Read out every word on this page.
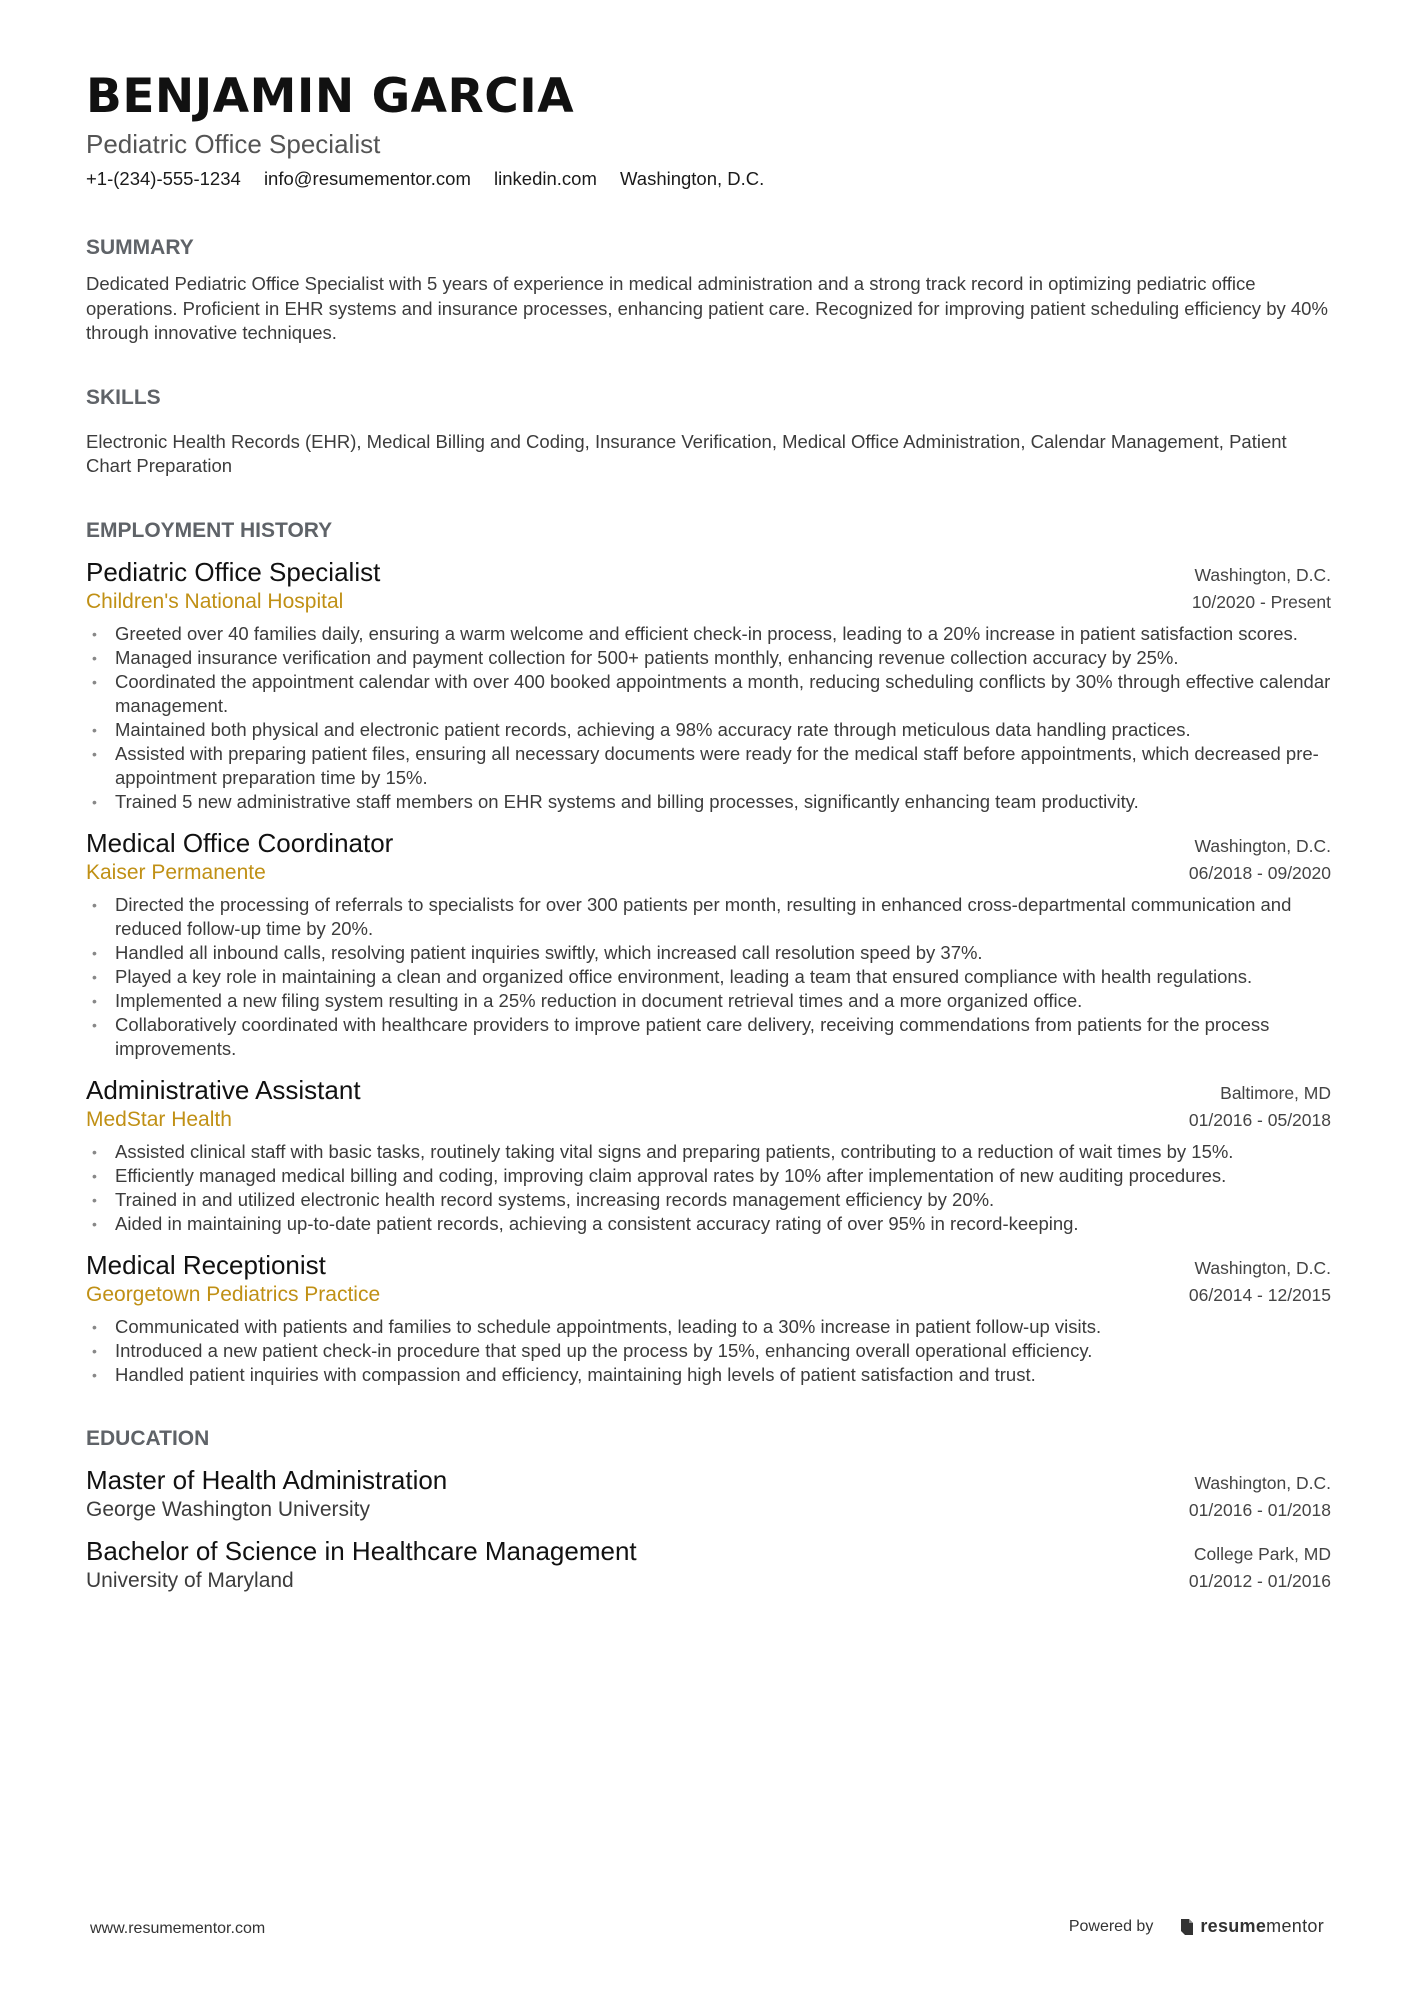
BENJAMIN GARCIA
Pediatric Office Specialist
+1-(234)-555-1234 info@resumementor.com linkedin.com Washington, D.C.
SUMMARY
Dedicated Pediatric Office Specialist with 5 years of experience in medical administration and a strong track record in optimizing pediatric office operations. Proficient in EHR systems and insurance processes, enhancing patient care. Recognized for improving patient scheduling efficiency by 40% through innovative techniques.
SKILLS
Electronic Health Records (EHR), Medical Billing and Coding, Insurance Verification, Medical Office Administration, Calendar Management, Patient Chart Preparation
EMPLOYMENT HISTORY
Pediatric Office Specialist	Washington, D.C.
Children's National Hospital	10/2020 - Present
• Greeted over 40 families daily, ensuring a warm welcome and efficient check-in process, leading to a 20% increase in patient satisfaction scores.
• Managed insurance verification and payment collection for 500+ patients monthly, enhancing revenue collection accuracy by 25%.
• Coordinated the appointment calendar with over 400 booked appointments a month, reducing scheduling conflicts by 30% through effective calendar management.
• Maintained both physical and electronic patient records, achieving a 98% accuracy rate through meticulous data handling practices.
• Assisted with preparing patient files, ensuring all necessary documents were ready for the medical staff before appointments, which decreased pre-appointment preparation time by 15%.
• Trained 5 new administrative staff members on EHR systems and billing processes, significantly enhancing team productivity.
Medical Office Coordinator	Washington, D.C.
Kaiser Permanente	06/2018 - 09/2020
• Directed the processing of referrals to specialists for over 300 patients per month, resulting in enhanced cross-departmental communication and reduced follow-up time by 20%.
• Handled all inbound calls, resolving patient inquiries swiftly, which increased call resolution speed by 37%.
• Played a key role in maintaining a clean and organized office environment, leading a team that ensured compliance with health regulations.
• Implemented a new filing system resulting in a 25% reduction in document retrieval times and a more organized office.
• Collaboratively coordinated with healthcare providers to improve patient care delivery, receiving commendations from patients for the process improvements.
Administrative Assistant	Baltimore, MD
MedStar Health	01/2016 - 05/2018
• Assisted clinical staff with basic tasks, routinely taking vital signs and preparing patients, contributing to a reduction of wait times by 15%.
• Efficiently managed medical billing and coding, improving claim approval rates by 10% after implementation of new auditing procedures.
• Trained in and utilized electronic health record systems, increasing records management efficiency by 20%.
• Aided in maintaining up-to-date patient records, achieving a consistent accuracy rating of over 95% in record-keeping.
Medical Receptionist	Washington, D.C.
Georgetown Pediatrics Practice	06/2014 - 12/2015
• Communicated with patients and families to schedule appointments, leading to a 30% increase in patient follow-up visits.
• Introduced a new patient check-in procedure that sped up the process by 15%, enhancing overall operational efficiency.
• Handled patient inquiries with compassion and efficiency, maintaining high levels of patient satisfaction and trust.
EDUCATION
Master of Health Administration	Washington, D.C.
George Washington University	01/2016 - 01/2018
Bachelor of Science in Healthcare Management	College Park, MD
University of Maryland	01/2012 - 01/2016
www.resumementor.com	Powered by	resumementor
